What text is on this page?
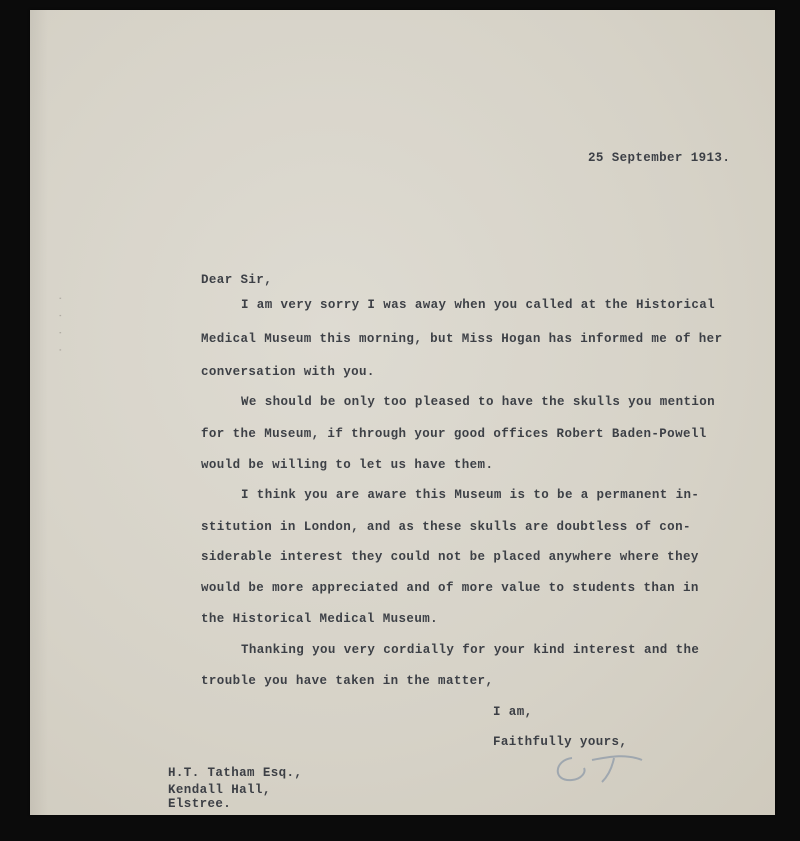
· · · ·
25 September 1913.
Dear Sir,
I am very sorry I was away when you called at the Historical
Medical Museum this morning, but Miss Hogan has informed me of her
conversation with you.
We should be only too pleased to have the skulls you mention
for the Museum, if through your good offices Robert Baden-Powell
would be willing to let us have them.
I think you are aware this Museum is to be a permanent in-
stitution in London, and as these skulls are doubtless of con-
siderable interest they could not be placed anywhere where they
would be more appreciated and of more value to students than in
the Historical Medical Museum.
Thanking you very cordially for your kind interest and the
trouble you have taken in the matter,
I am,
Faithfully yours,
H.T. Tatham Esq.,
Kendall Hall,
Elstree.
